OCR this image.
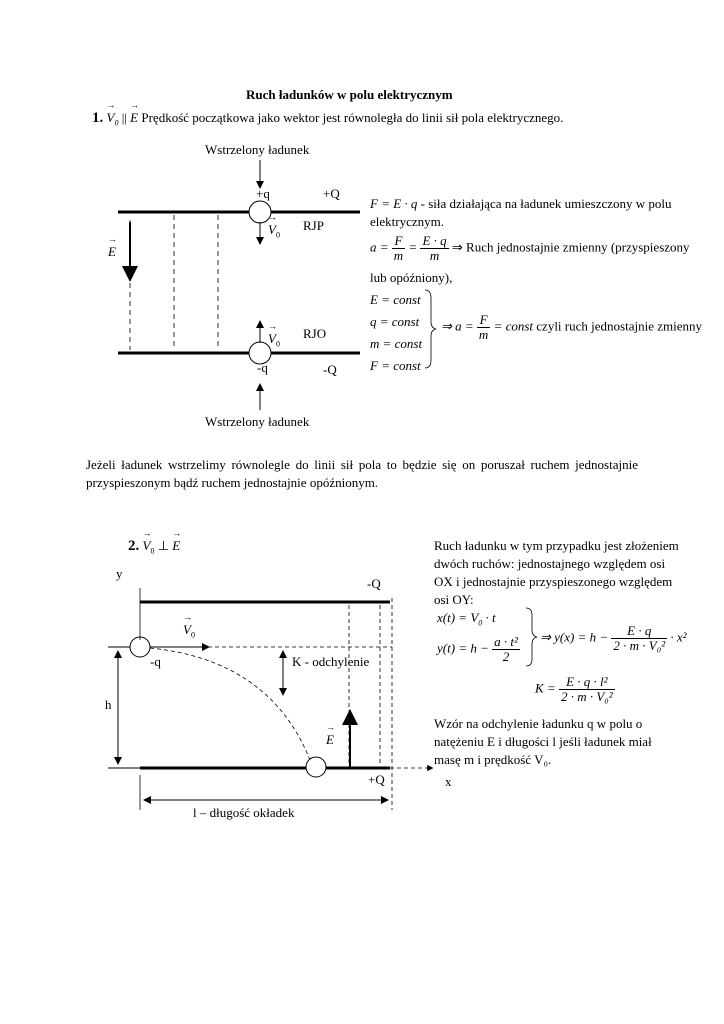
Ruch ładunków w polu elektrycznym
1. → $V_0$ || → E Prędkość początkowa jako wektor jest równoległa do linii sił pola elektrycznego.
Wstrzelony ładunek
+q	+Q
→ $V_0$
RJP
→ E
→ $V_0$
RJO
-q	-Q
Wstrzelony ładunek
F = E · q - siła działająca na ładunek umieszczony w polu
elektrycznym.
$a = \frac{F}{m} = \frac{E \cdot q}{m}$ ⇒ Ruch jednostajnie zmienny (przyspieszony
lub opóźniony),
E = const
q = const
m = const
F = const
⇒ $a = \frac{F}{m}$ = const czyli ruch jednostajnie zmienny
Jeżeli ładunek wstrzelimy równolegle do linii sił pola to będzie się on poruszał ruchem jednostajnie przyspieszonym bądź ruchem jednostajnie opóźnionym.
2. → $V_0$ ⊥ → E
y
-Q
→ $V_0$
-q	K - odchylenie
h
→ E
+Q	x
l – długość okładek
Ruch ładunku w tym przypadku jest złożeniem
dwóch ruchów: jednostajnego względem osi
OX i jednostajnie przyspieszonego względem
osi OY:
$x(t) = V_0 \cdot t$
$y(t) = h - \frac{\text{a · t²}}{2}$ ⇒ $y(x) = h - \frac{E \cdot q}{\text{2 · m · V₀²}} \cdot x^2$
$K = \frac{\text{E · q · l²}}{\text{2 · m · V₀²}}$
Wzór na odchylenie ładunku q w polu o
natężeniu E i długości l jeśli ładunek miał
masę m i prędkość V₀.
